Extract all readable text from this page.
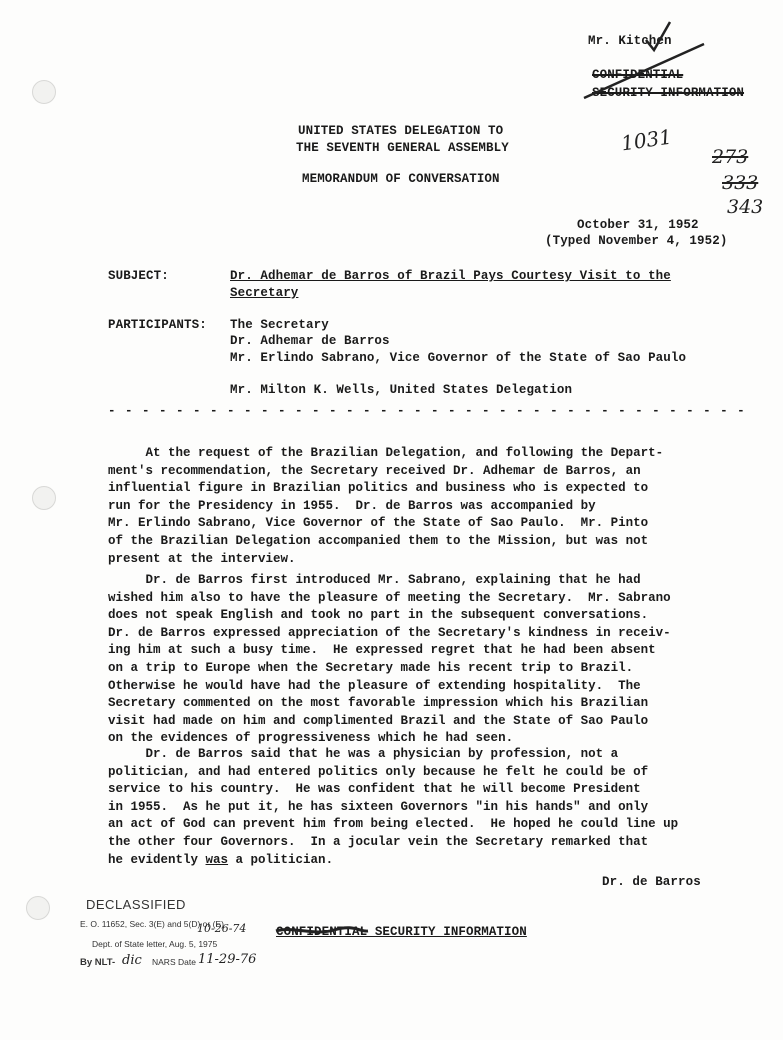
Mr. Kitchen
CONFIDENTIAL
SECURITY INFORMATION
UNITED STATES DELEGATION TO
THE SEVENTH GENERAL ASSEMBLY
MEMORANDUM OF CONVERSATION
1031
273
333
343
October 31, 1952
(Typed November 4, 1952)
SUBJECT:	Dr. Adhemar de Barros of Brazil Pays Courtesy Visit to the
Secretary
PARTICIPANTS: The Secretary
Dr. Adhemar de Barros
Mr. Erlindo Sabrano, Vice Governor of the State of Sao Paulo
Mr. Milton K. Wells, United States Delegation
- - - - - - - - - - - - - - - - - - - - - - - - - - - - - - - - - - - - - -
At the request of the Brazilian Delegation, and following the Depart-
ment's recommendation, the Secretary received Dr. Adhemar de Barros, an
influential figure in Brazilian politics and business who is expected to
run for the Presidency in 1955.  Dr. de Barros was accompanied by
Mr. Erlindo Sabrano, Vice Governor of the State of Sao Paulo.  Mr. Pinto
of the Brazilian Delegation accompanied them to the Mission, but was not
present at the interview.
Dr. de Barros first introduced Mr. Sabrano, explaining that he had
wished him also to have the pleasure of meeting the Secretary.  Mr. Sabrano
does not speak English and took no part in the subsequent conversations.
Dr. de Barros expressed appreciation of the Secretary's kindness in receiv-
ing him at such a busy time.  He expressed regret that he had been absent
on a trip to Europe when the Secretary made his recent trip to Brazil.
Otherwise he would have had the pleasure of extending hospitality.  The
Secretary commented on the most favorable impression which his Brazilian
visit had made on him and complimented Brazil and the State of Sao Paulo
on the evidences of progressiveness which he had seen.
Dr. de Barros said that he was a physician by profession, not a
politician, and had entered politics only because he felt he could be of
service to his country.  He was confident that he will become President
in 1955.  As he put it, he has sixteen Governors "in his hands" and only
an act of God can prevent him from being elected.  He hoped he could line up
the other four Governors.  In a jocular vein the Secretary remarked that
he evidently was a politician.
Dr. de Barros
DECLASSIFIED
E. O. 11652, Sec. 3(E) and 5(D) or (E)
10-26-74
Dept. of State letter, Aug. 5, 1975
By NLT- dic NARS Date 11-29-76
CONFIDENTIAL SECURITY INFORMATION
